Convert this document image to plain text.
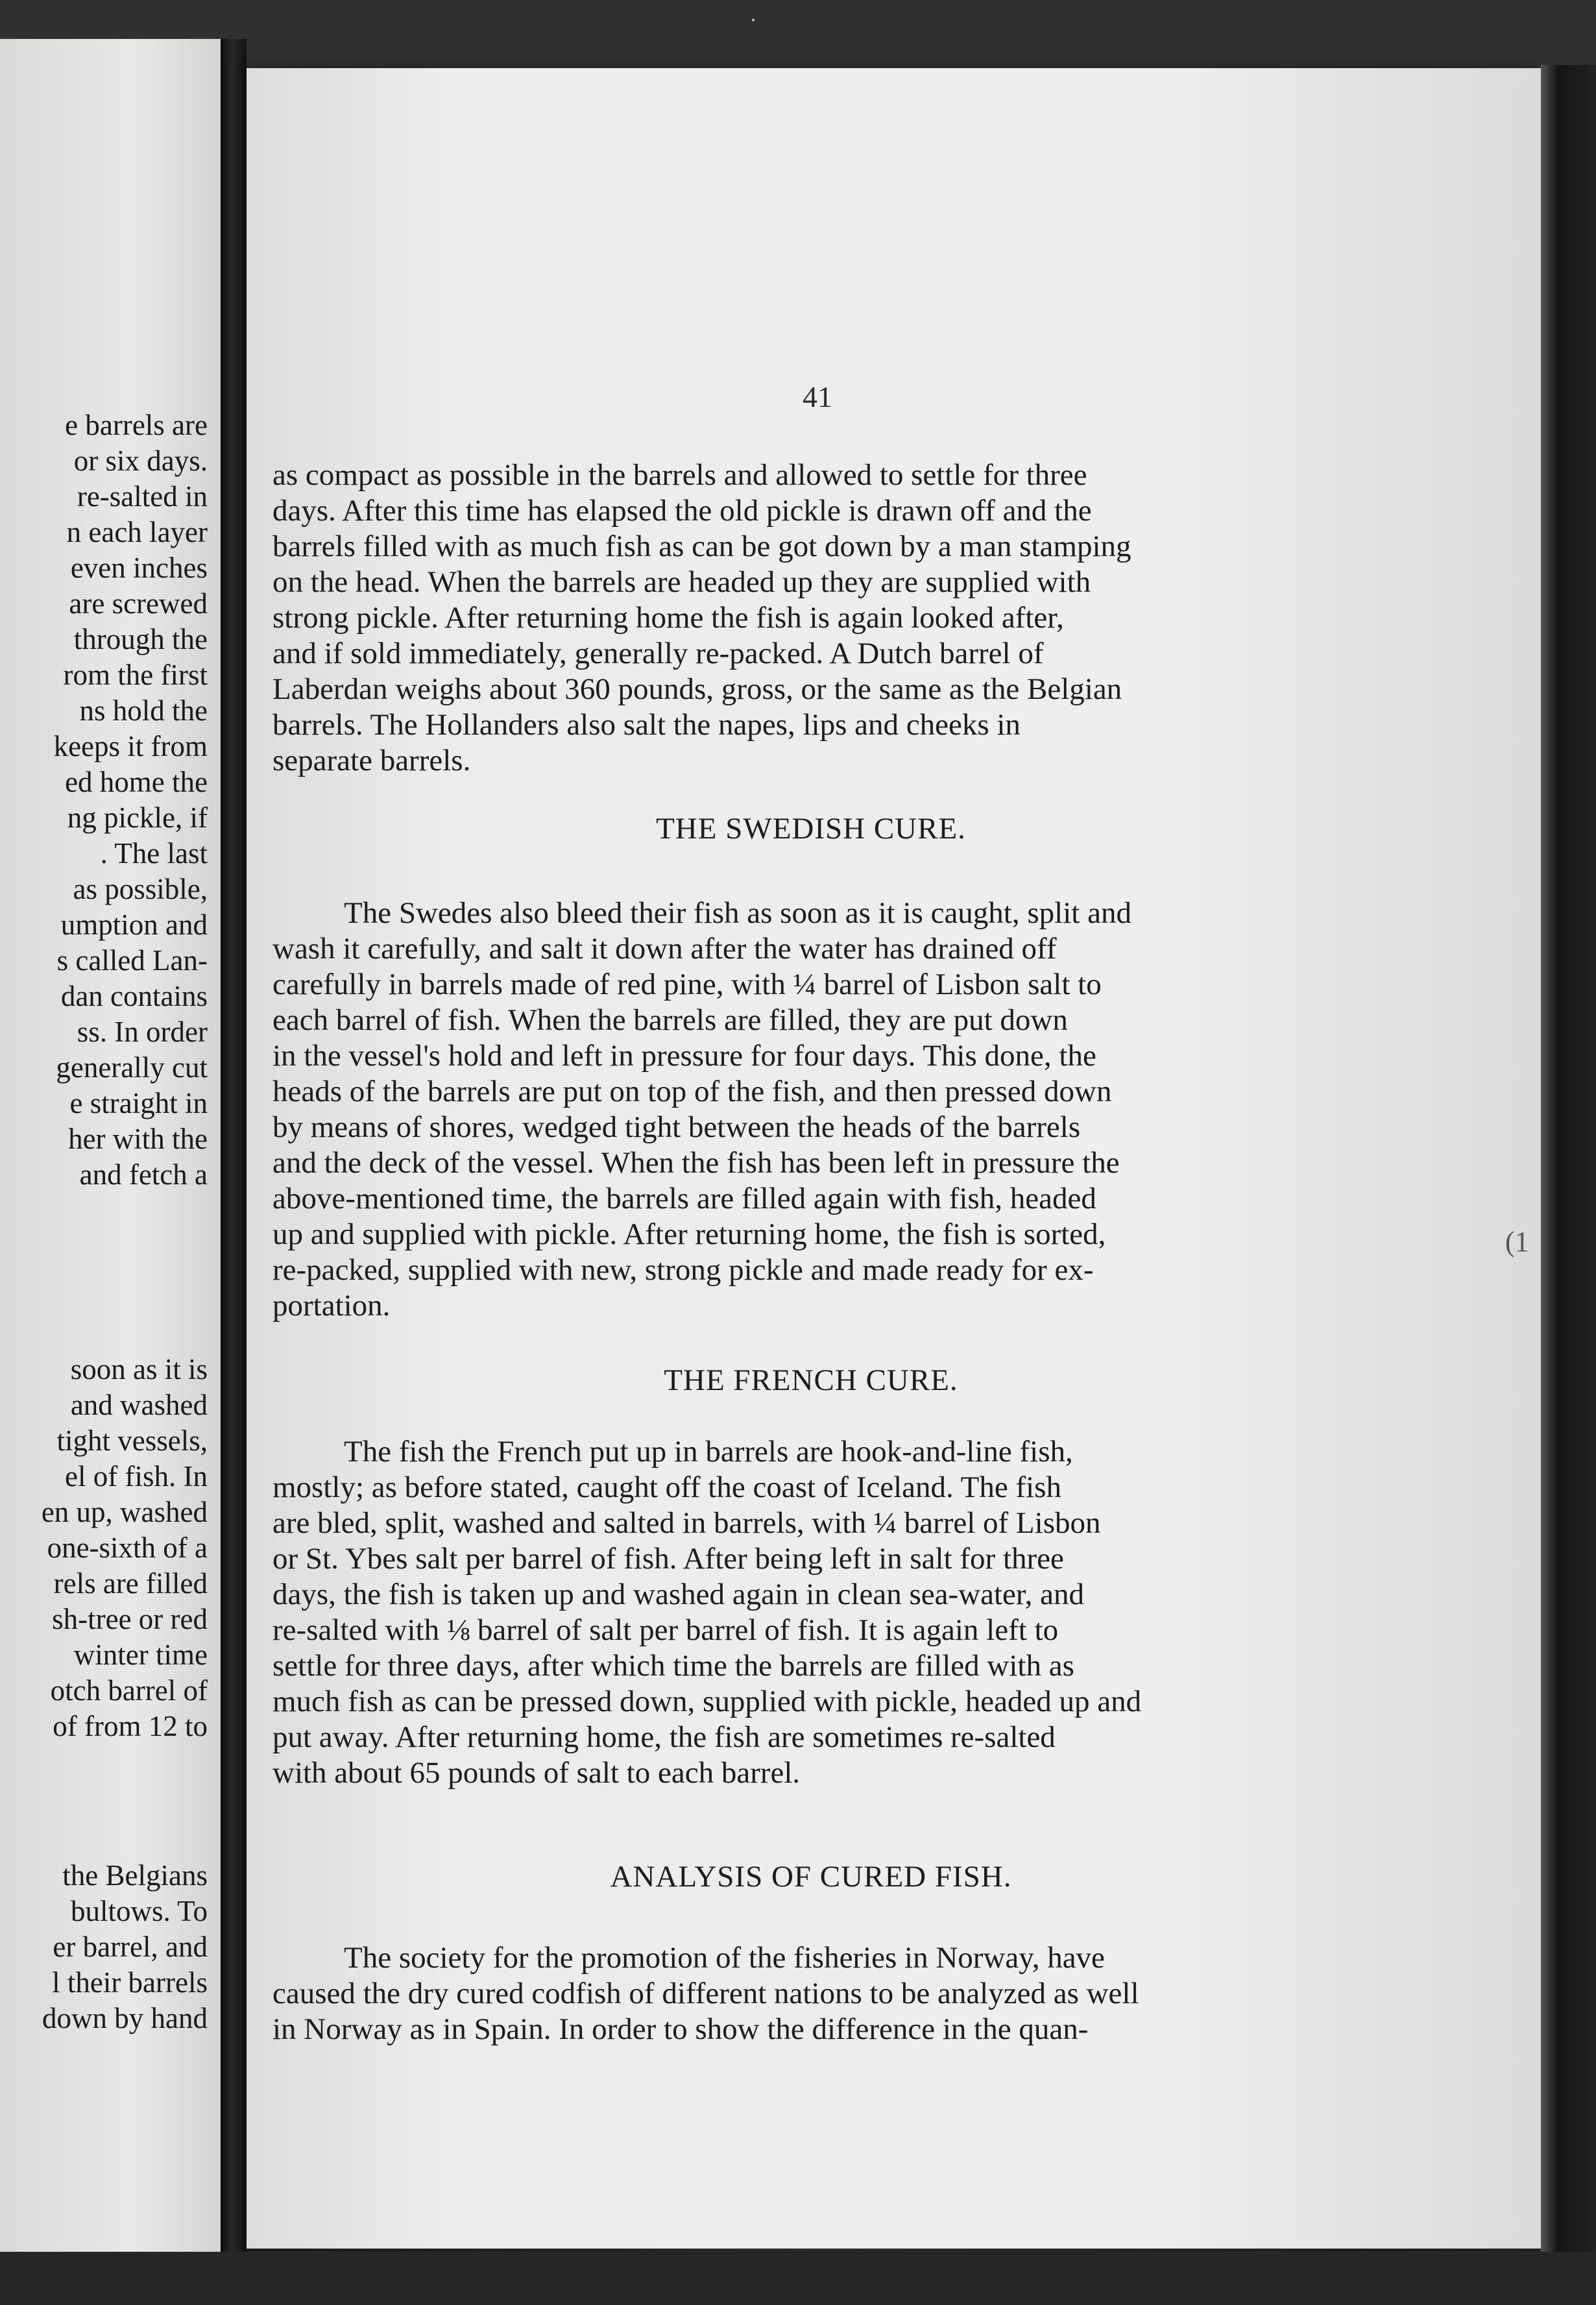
·
e barrels are
or six days.
re-salted in
n each layer
even inches
are screwed
through the
rom the first
ns hold the
keeps it from
ed home the
ng pickle, if
. The last
as possible,
umption and
s called Lan-
dan contains
ss. In order
generally cut
e straight in
her with the
and fetch a
soon as it is
and washed
tight vessels,
el of fish. In
en up, washed
one-sixth of a
rels are filled
sh-tree or red
winter time
otch barrel of
of from 12 to
the Belgians
bultows. To
er barrel, and
l their barrels
down by hand
41
as compact as possible in the barrels and allowed to settle for three
days. After this time has elapsed the old pickle is drawn off and the
barrels filled with as much fish as can be got down by a man stamping
on the head. When the barrels are headed up they are supplied with
strong pickle. After returning home the fish is again looked after,
and if sold immediately, generally re-packed. A Dutch barrel of
Laberdan weighs about 360 pounds, gross, or the same as the Belgian
barrels. The Hollanders also salt the napes, lips and cheeks in
separate barrels.
THE SWEDISH CURE.
The Swedes also bleed their fish as soon as it is caught, split and
wash it carefully, and salt it down after the water has drained off
carefully in barrels made of red pine, with ¼ barrel of Lisbon salt to
each barrel of fish. When the barrels are filled, they are put down
in the vessel's hold and left in pressure for four days. This done, the
heads of the barrels are put on top of the fish, and then pressed down
by means of shores, wedged tight between the heads of the barrels
and the deck of the vessel. When the fish has been left in pressure the
above-mentioned time, the barrels are filled again with fish, headed
up and supplied with pickle. After returning home, the fish is sorted,
re-packed, supplied with new, strong pickle and made ready for ex-
portation.
THE FRENCH CURE.
The fish the French put up in barrels are hook-and-line fish,
mostly; as before stated, caught off the coast of Iceland. The fish
are bled, split, washed and salted in barrels, with ¼ barrel of Lisbon
or St. Ybes salt per barrel of fish. After being left in salt for three
days, the fish is taken up and washed again in clean sea-water, and
re-salted with ⅛ barrel of salt per barrel of fish. It is again left to
settle for three days, after which time the barrels are filled with as
much fish as can be pressed down, supplied with pickle, headed up and
put away. After returning home, the fish are sometimes re-salted
with about 65 pounds of salt to each barrel.
ANALYSIS OF CURED FISH.
The society for the promotion of the fisheries in Norway, have
caused the dry cured codfish of different nations to be analyzed as well
in Norway as in Spain. In order to show the difference in the quan-
(1
